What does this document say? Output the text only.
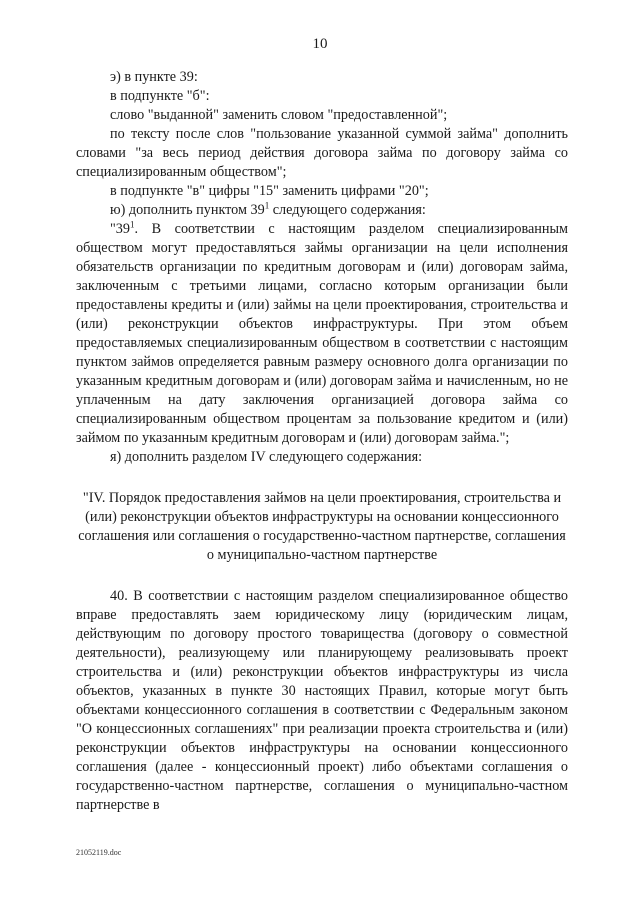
10

э) в пункте 39:

в подпункте "б":

слово "выданной" заменить словом "предоставленной";

по тексту после слов "пользование указанной суммой займа" дополнить словами "за весь период действия договора займа по договору займа со специализированным обществом";

в подпункте "в" цифры "15" заменить цифрами "20";

ю) дополнить пунктом $39^1$ следующего содержания:

"$39^1$. В соответствии с настоящим разделом специализированным обществом могут предоставляться займы организации на цели исполнения обязательств организации по кредитным договорам и (или) договорам займа, заключенным с третьими лицами, согласно которым организации были предоставлены кредиты и (или) займы на цели проектирования, строительства и (или) реконструкции объектов инфраструктуры. При этом объем предоставляемых специализированным обществом в соответствии с настоящим пунктом займов определяется равным размеру основного долга организации по указанным кредитным договорам и (или) договорам займа и начисленным, но не уплаченным на дату заключения организацией договора займа со специализированным обществом процентам за пользование кредитом и (или) займом по указанным кредитным договорам и (или) договорам займа.";

я) дополнить разделом IV следующего содержания:

"IV. Порядок предоставления займов на цели проектирования, строительства и (или) реконструкции объектов инфраструктуры на основании концессионного соглашения или соглашения о государственно-частном партнерстве, соглашения о муниципально-частном партнерстве

40. В соответствии с настоящим разделом специализированное общество вправе предоставлять заем юридическому лицу (юридическим лицам, действующим по договору простого товарищества (договору о совместной деятельности), реализующему или планирующему реализовывать проект строительства и (или) реконструкции объектов инфраструктуры из числа объектов, указанных в пункте 30 настоящих Правил, которые могут быть объектами концессионного соглашения в соответствии с Федеральным законом "О концессионных соглашениях" при реализации проекта строительства и (или) реконструкции объектов инфраструктуры на основании концессионного соглашения (далее - концессионный проект) либо объектами соглашения о государственно-частном партнерстве, соглашения о муниципально-частном партнерстве в

21052119.doc
